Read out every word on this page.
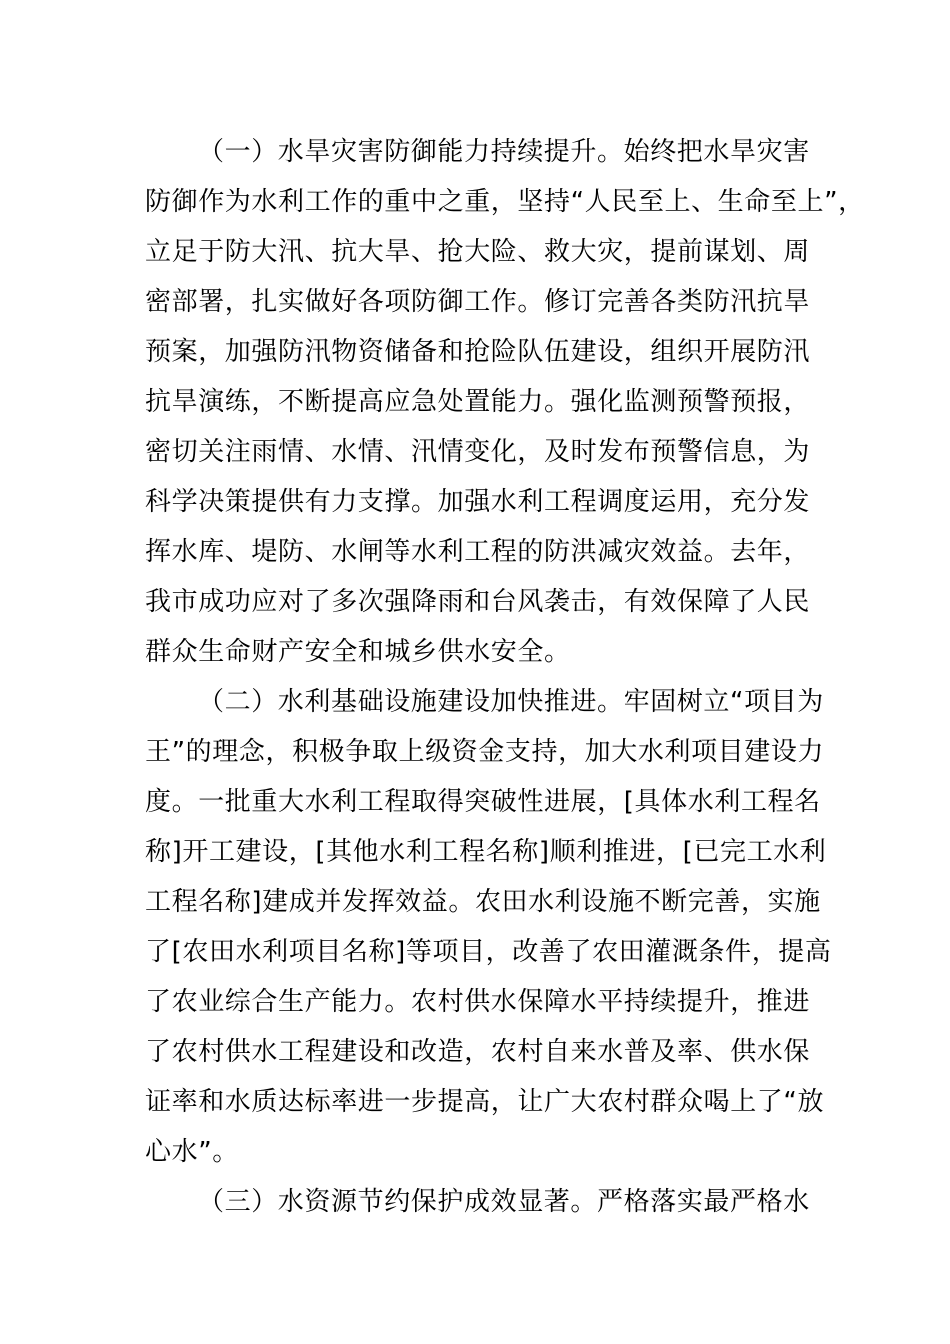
（一）水旱灾害防御能力持续提升。始终把水旱灾害
防御作为水利工作的重中之重，坚持“人民至上、生命至上”，
立足于防大汛、抗大旱、抢大险、救大灾，提前谋划、周
密部署，扎实做好各项防御工作。修订完善各类防汛抗旱
预案，加强防汛物资储备和抢险队伍建设，组织开展防汛
抗旱演练，不断提高应急处置能力。强化监测预警预报，
密切关注雨情、水情、汛情变化，及时发布预警信息，为
科学决策提供有力支撑。加强水利工程调度运用，充分发
挥水库、堤防、水闸等水利工程的防洪减灾效益。去年，
我市成功应对了多次强降雨和台风袭击，有效保障了人民
群众生命财产安全和城乡供水安全。
（二）水利基础设施建设加快推进。牢固树立“项目为
王”的理念，积极争取上级资金支持，加大水利项目建设力
度。一批重大水利工程取得突破性进展，[具体水利工程名
称]开工建设，[其他水利工程名称]顺利推进，[已完工水利
工程名称]建成并发挥效益。农田水利设施不断完善，实施
了[农田水利项目名称]等项目，改善了农田灌溉条件，提高
了农业综合生产能力。农村供水保障水平持续提升，推进
了农村供水工程建设和改造，农村自来水普及率、供水保
证率和水质达标率进一步提高，让广大农村群众喝上了“放
心水”。
（三）水资源节约保护成效显著。严格落实最严格水
